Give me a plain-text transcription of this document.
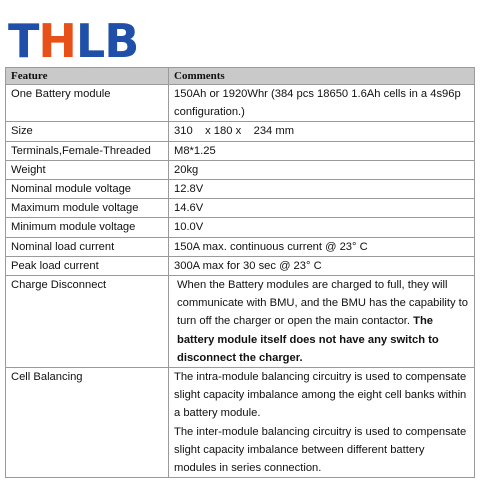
THLB
Feature	Comments
One Battery module	150Ah or 1920Whr (384 pcs 18650 1.6Ah cells in a 4s96p configuration.)
Size	310    x 180 x    234 mm
Terminals,Female-Threaded	M8*1.25
Weight	20kg
Nominal module voltage	12.8V
Maximum module voltage	14.6V
Minimum module voltage	10.0V
Nominal load current	150A max. continuous current @ 23° C
Peak load current	300A max for 30 sec @ 23° C
Charge Disconnect	When the Battery modules are charged to full, they will communicate with BMU, and the BMU has the capability to turn off the charger or open the main contactor. The battery module itself does not have any switch to disconnect the charger.

Cell Balancing	The intra-module balancing circuitry is used to compensate slight capacity imbalance among the eight cell banks within a battery module.

The inter-module balancing circuitry is used to compensate slight capacity imbalance between different battery modules in series connection.
